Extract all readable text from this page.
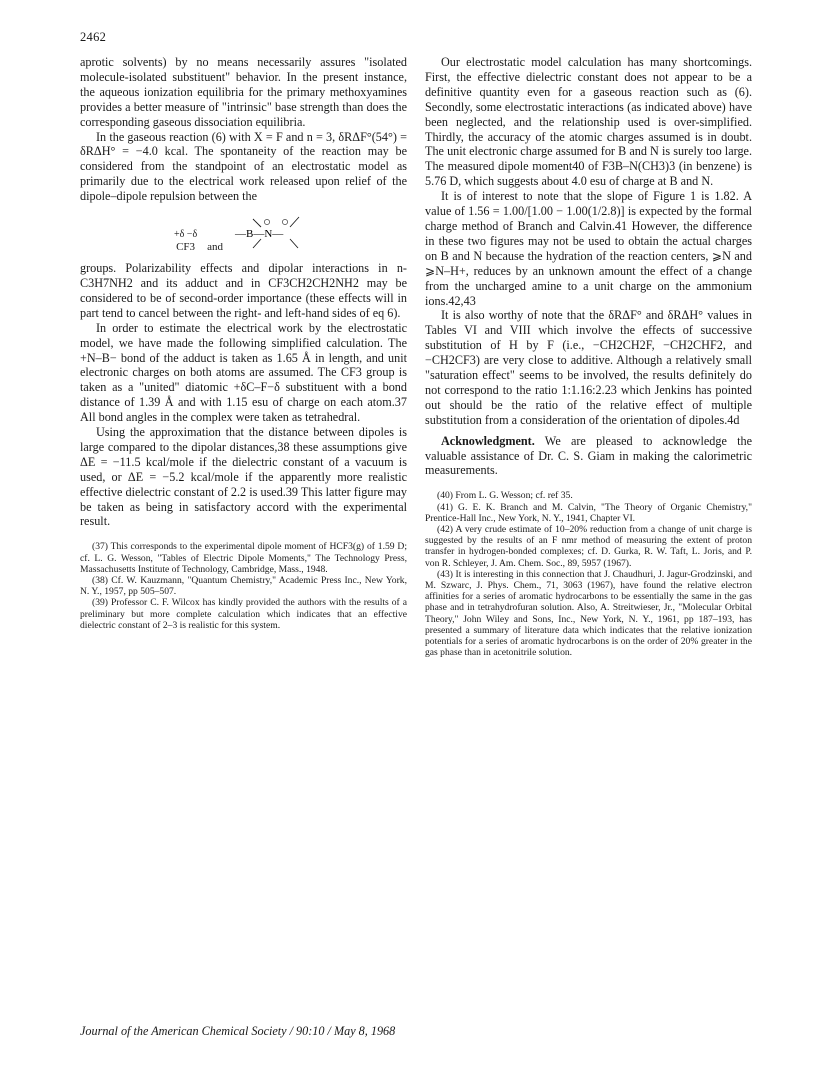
2462

aprotic solvents) by no means necessarily assures "isolated molecule-isolated substituent" behavior. In the present instance, the aqueous ionization equilibria for the primary methoxyamines provides a better measure of "intrinsic" base strength than does the corresponding gaseous dissociation equilibria.

In the gaseous reaction (6) with X = F and n = 3, δRΔF°(54°) = δRΔH° = −4.0 kcal. The spontaneity of the reaction may be considered from the standpoint of an electrostatic model as primarily due to the electrical work released upon relief of the dipole–dipole repulsion between the

+δ −δ
CF3 and
—B—N—

groups. Polarizability effects and dipolar interactions in n-C3H7NH2 and its adduct and in CF3CH2CH2NH2 may be considered to be of second-order importance (these effects will in part tend to cancel between the right- and left-hand sides of eq 6).

In order to estimate the electrical work by the electrostatic model, we have made the following simplified calculation. The +N–B− bond of the adduct is taken as 1.65 Å in length, and unit electronic charges on both atoms are assumed. The CF3 group is taken as a "united" diatomic +δC–F−δ substituent with a bond distance of 1.39 Å and with 1.15 esu of charge on each atom.37 All bond angles in the complex were taken as tetrahedral.

Using the approximation that the distance between dipoles is large compared to the dipolar distances,38 these assumptions give ΔE = −11.5 kcal/mole if the dielectric constant of a vacuum is used, or ΔE = −5.2 kcal/mole if the apparently more realistic effective dielectric constant of 2.2 is used.39 This latter figure may be taken as being in satisfactory accord with the experimental result.

(37) This corresponds to the experimental dipole moment of HCF3(g) of 1.59 D; cf. L. G. Wesson, "Tables of Electric Dipole Moments," The Technology Press, Massachusetts Institute of Technology, Cambridge, Mass., 1948.

(38) Cf. W. Kauzmann, "Quantum Chemistry," Academic Press Inc., New York, N. Y., 1957, pp 505–507.

(39) Professor C. F. Wilcox has kindly provided the authors with the results of a preliminary but more complete calculation which indicates that an effective dielectric constant of 2–3 is realistic for this system.

Our electrostatic model calculation has many shortcomings. First, the effective dielectric constant does not appear to be a definitive quantity even for a gaseous reaction such as (6). Secondly, some electrostatic interactions (as indicated above) have been neglected, and the relationship used is over-simplified. Thirdly, the accuracy of the atomic charges assumed is in doubt. The unit electronic charge assumed for B and N is surely too large. The measured dipole moment40 of F3B–N(CH3)3 (in benzene) is 5.76 D, which suggests about 4.0 esu of charge at B and N.

It is of interest to note that the slope of Figure 1 is 1.82. A value of 1.56 = 1.00/[1.00 − 1.00(1/2.8)] is expected by the formal charge method of Branch and Calvin.41 However, the difference in these two figures may not be used to obtain the actual charges on B and N because the hydration of the reaction centers, ⩾N and ⩾N–H+, reduces by an unknown amount the effect of a change from the uncharged amine to a unit charge on the ammonium ions.42,43

It is also worthy of note that the δRΔF° and δRΔH° values in Tables VI and VIII which involve the effects of successive substitution of H by F (i.e., −CH2CH2F, −CH2CHF2, and −CH2CF3) are very close to additive. Although a relatively small "saturation effect" seems to be involved, the results definitely do not correspond to the ratio 1:1.16:2.23 which Jenkins has pointed out should be the ratio of the relative effect of multiple substitution from a consideration of the orientation of dipoles.4d

Acknowledgment. We are pleased to acknowledge the valuable assistance of Dr. C. S. Giam in making the calorimetric measurements.

(40) From L. G. Wesson; cf. ref 35.

(41) G. E. K. Branch and M. Calvin, "The Theory of Organic Chemistry," Prentice-Hall Inc., New York, N. Y., 1941, Chapter VI.

(42) A very crude estimate of 10–20% reduction from a change of unit charge is suggested by the results of an F nmr method of measuring the extent of proton transfer in hydrogen-bonded complexes; cf. D. Gurka, R. W. Taft, L. Joris, and P. von R. Schleyer, J. Am. Chem. Soc., 89, 5957 (1967).

(43) It is interesting in this connection that J. Chaudhuri, J. Jagur-Grodzinski, and M. Szwarc, J. Phys. Chem., 71, 3063 (1967), have found the relative electron affinities for a series of aromatic hydrocarbons to be essentially the same in the gas phase and in tetrahydrofuran solution. Also, A. Streitwieser, Jr., "Molecular Orbital Theory," John Wiley and Sons, Inc., New York, N. Y., 1961, pp 187–193, has presented a summary of literature data which indicates that the relative ionization potentials for a series of aromatic hydrocarbons is on the order of 20% greater in the gas phase than in acetonitrile solution.

Journal of the American Chemical Society / 90:10 / May 8, 1968
